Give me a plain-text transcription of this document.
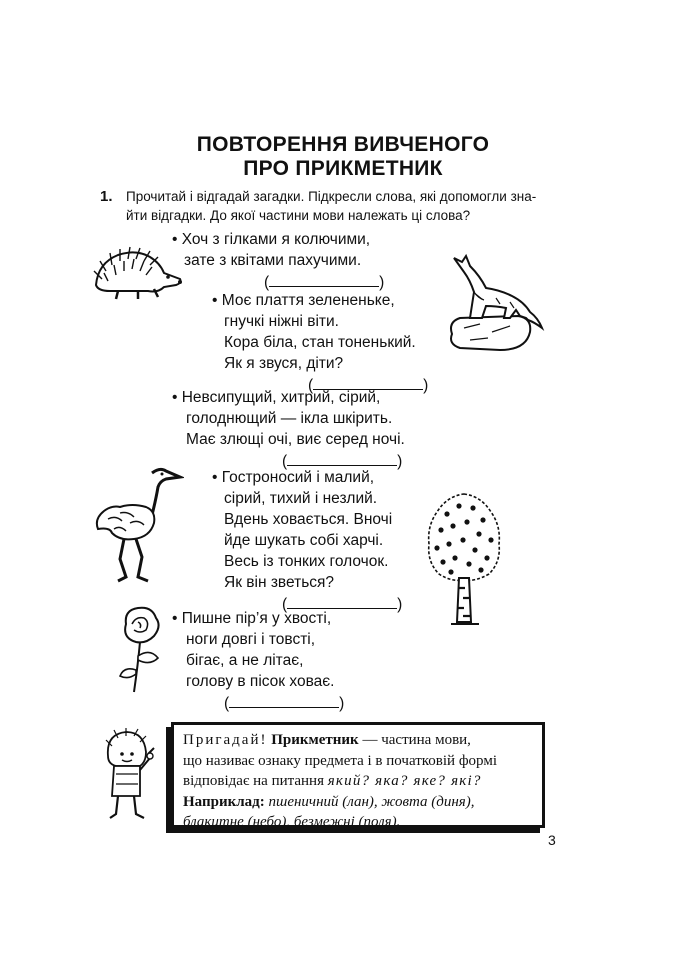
ПОВТОРЕННЯ ВИВЧЕНОГО
ПРО ПРИКМЕТНИК
1. Прочитай і відгадай загадки. Підкресли слова, які допомогли зна-
йти відгадки. До якої частини мови належать ці слова?
• Хоч з гілками я колючими,
зате з квітами пахучими.
(	)
• Моє плаття зелененьке,
гнучкі ніжні віти.
Кора біла, стан тоненький.
Як я звуся, діти?
(	)
• Невсипущий, хитрий, сірий,
голоднющий — ікла шкірить.
Має злющі очі, виє серед ночі.
(	)
• Гостроносий і малий,
сірий, тихий і незлий.
Вдень ховається. Вночі
йде шукать собі харчі.
Весь із тонких голочок.
Як він зветься?
(	)
• Пишне пір’я у хвості,
ноги довгі і товсті,
бігає, а не літає,
голову в пісок ховає.
(	)
Пригадай! Прикметник — частина мови,
що називає ознаку предмета і в початковій формі
відповідає на питання який? яка? яке? які?
Наприклад: пшеничний (лан), жовта (диня),
блакитне (небо), безмежні (поля).
3
